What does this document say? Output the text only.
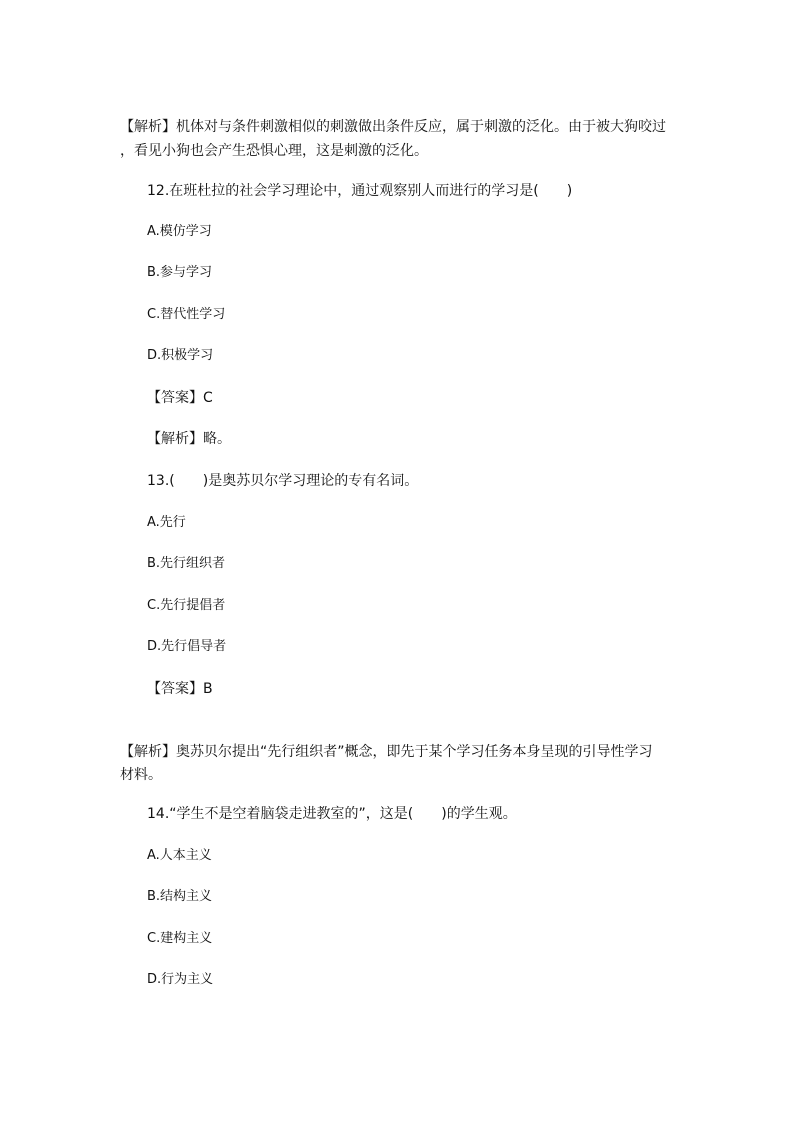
【解析】机体对与条件刺激相似的刺激做出条件反应，属于刺激的泛化。由于被大狗咬过

，看见小狗也会产生恐惧心理，这是刺激的泛化。

12.在班杜拉的社会学习理论中，通过观察别人而进行的学习是(　　)

A.模仿学习

B.参与学习

C.替代性学习

D.积极学习

【答案】C

【解析】略。

13.(　　)是奥苏贝尔学习理论的专有名词。

A.先行

B.先行组织者

C.先行提倡者

D.先行倡导者

【答案】B

【解析】奥苏贝尔提出“先行组织者”概念，即先于某个学习任务本身呈现的引导性学习

材料。

14.“学生不是空着脑袋走进教室的”，这是(　　)的学生观。

A.人本主义

B.结构主义

C.建构主义

D.行为主义
